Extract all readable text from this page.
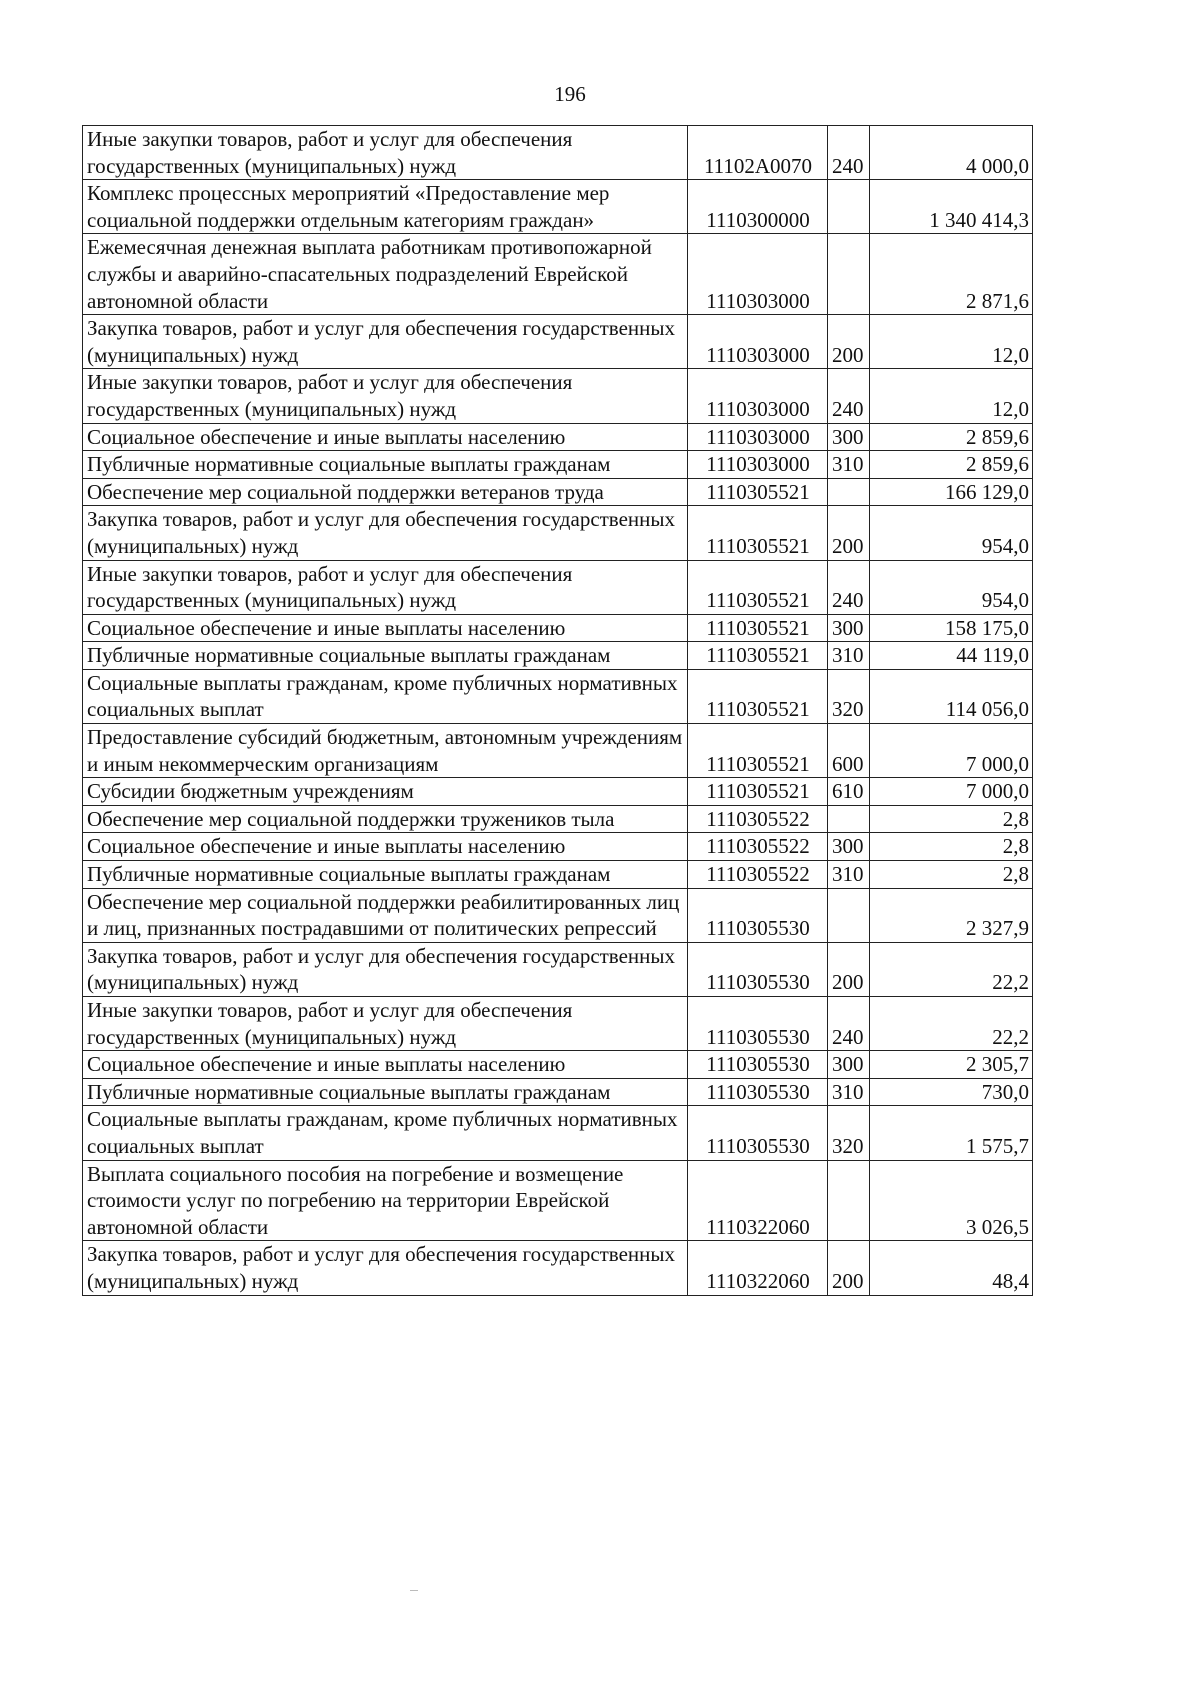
196
Иные закупки товаров, работ и услуг для обеспечения государственных (муниципальных) нужд	11102А0070	240	4 000,0
Комплекс процессных мероприятий «Предоставление мер социальной поддержки отдельным категориям граждан»	1110300000		1 340 414,3
Ежемесячная денежная выплата работникам противопожарной службы и аварийно-спасательных подразделений Еврейской автономной области	1110303000		2 871,6
Закупка товаров, работ и услуг для обеспечения государственных (муниципальных) нужд	1110303000	200	12,0
Иные закупки товаров, работ и услуг для обеспечения государственных (муниципальных) нужд	1110303000	240	12,0
Социальное обеспечение и иные выплаты населению	1110303000	300	2 859,6
Публичные нормативные социальные выплаты гражданам	1110303000	310	2 859,6
Обеспечение мер социальной поддержки ветеранов труда	1110305521		166 129,0
Закупка товаров, работ и услуг для обеспечения государственных (муниципальных) нужд	1110305521	200	954,0
Иные закупки товаров, работ и услуг для обеспечения государственных (муниципальных) нужд	1110305521	240	954,0
Социальное обеспечение и иные выплаты населению	1110305521	300	158 175,0
Публичные нормативные социальные выплаты гражданам	1110305521	310	44 119,0
Социальные выплаты гражданам, кроме публичных нормативных социальных выплат	1110305521	320	114 056,0
Предоставление субсидий бюджетным, автономным учреждениям и иным некоммерческим организациям	1110305521	600	7 000,0
Субсидии бюджетным учреждениям	1110305521	610	7 000,0
Обеспечение мер социальной поддержки тружеников тыла	1110305522		2,8
Социальное обеспечение и иные выплаты населению	1110305522	300	2,8
Публичные нормативные социальные выплаты гражданам	1110305522	310	2,8
Обеспечение мер социальной поддержки реабилитированных лиц и лиц, признанных пострадавшими от политических репрессий	1110305530		2 327,9
Закупка товаров, работ и услуг для обеспечения государственных (муниципальных) нужд	1110305530	200	22,2
Иные закупки товаров, работ и услуг для обеспечения государственных (муниципальных) нужд	1110305530	240	22,2
Социальное обеспечение и иные выплаты населению	1110305530	300	2 305,7
Публичные нормативные социальные выплаты гражданам	1110305530	310	730,0
Социальные выплаты гражданам, кроме публичных нормативных социальных выплат	1110305530	320	1 575,7
Выплата социального пособия на погребение и возмещение стоимости услуг по погребению на территории Еврейской автономной области	1110322060		3 026,5
Закупка товаров, работ и услуг для обеспечения государственных (муниципальных) нужд	1110322060	200	48,4
